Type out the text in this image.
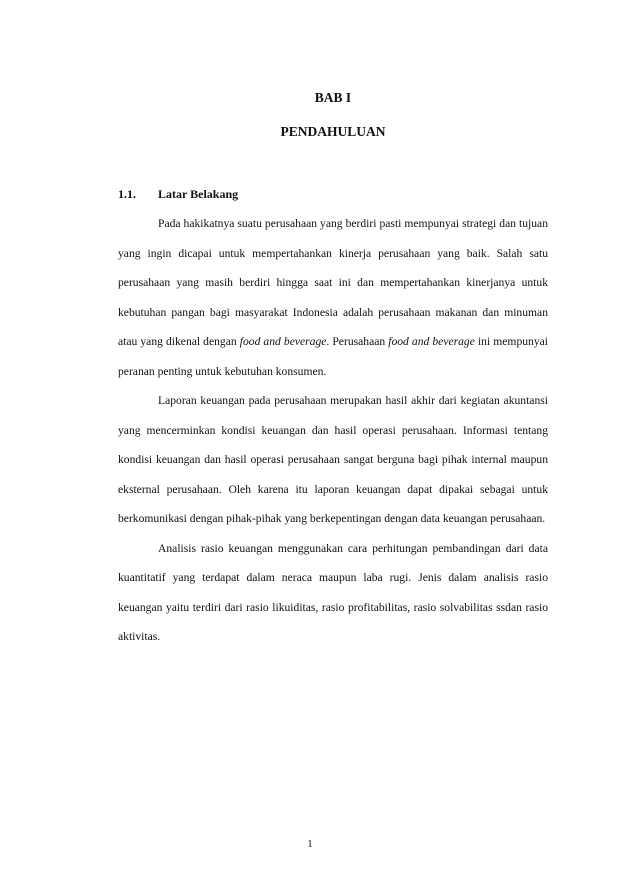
BAB I
PENDAHULUAN
1.1. Latar Belakang

Pada hakikatnya suatu perusahaan yang berdiri pasti mempunyai strategi dan tujuan yang ingin dicapai untuk mempertahankan kinerja perusahaan yang baik. Salah satu perusahaan yang masih berdiri hingga saat ini dan mempertahankan kinerjanya untuk kebutuhan pangan bagi masyarakat Indonesia adalah perusahaan makanan dan minuman atau yang dikenal dengan food and beverage. Perusahaan food and beverage ini mempunyai peranan penting untuk kebutuhan konsumen.

Laporan keuangan pada perusahaan merupakan hasil akhir dari kegiatan akuntansi yang mencerminkan kondisi keuangan dan hasil operasi perusahaan. Informasi tentang kondisi keuangan dan hasil operasi perusahaan sangat berguna bagi pihak internal maupun eksternal perusahaan. Oleh karena itu laporan keuangan dapat dipakai sebagai untuk berkomunikasi dengan pihak-pihak yang berkepentingan dengan data keuangan perusahaan.

Analisis rasio keuangan menggunakan cara perhitungan pembandingan dari data kuantitatif yang terdapat dalam neraca maupun laba rugi. Jenis dalam analisis rasio keuangan yaitu terdiri dari rasio likuiditas, rasio profitabilitas, rasio solvabilitas ssdan rasio aktivitas.

1
